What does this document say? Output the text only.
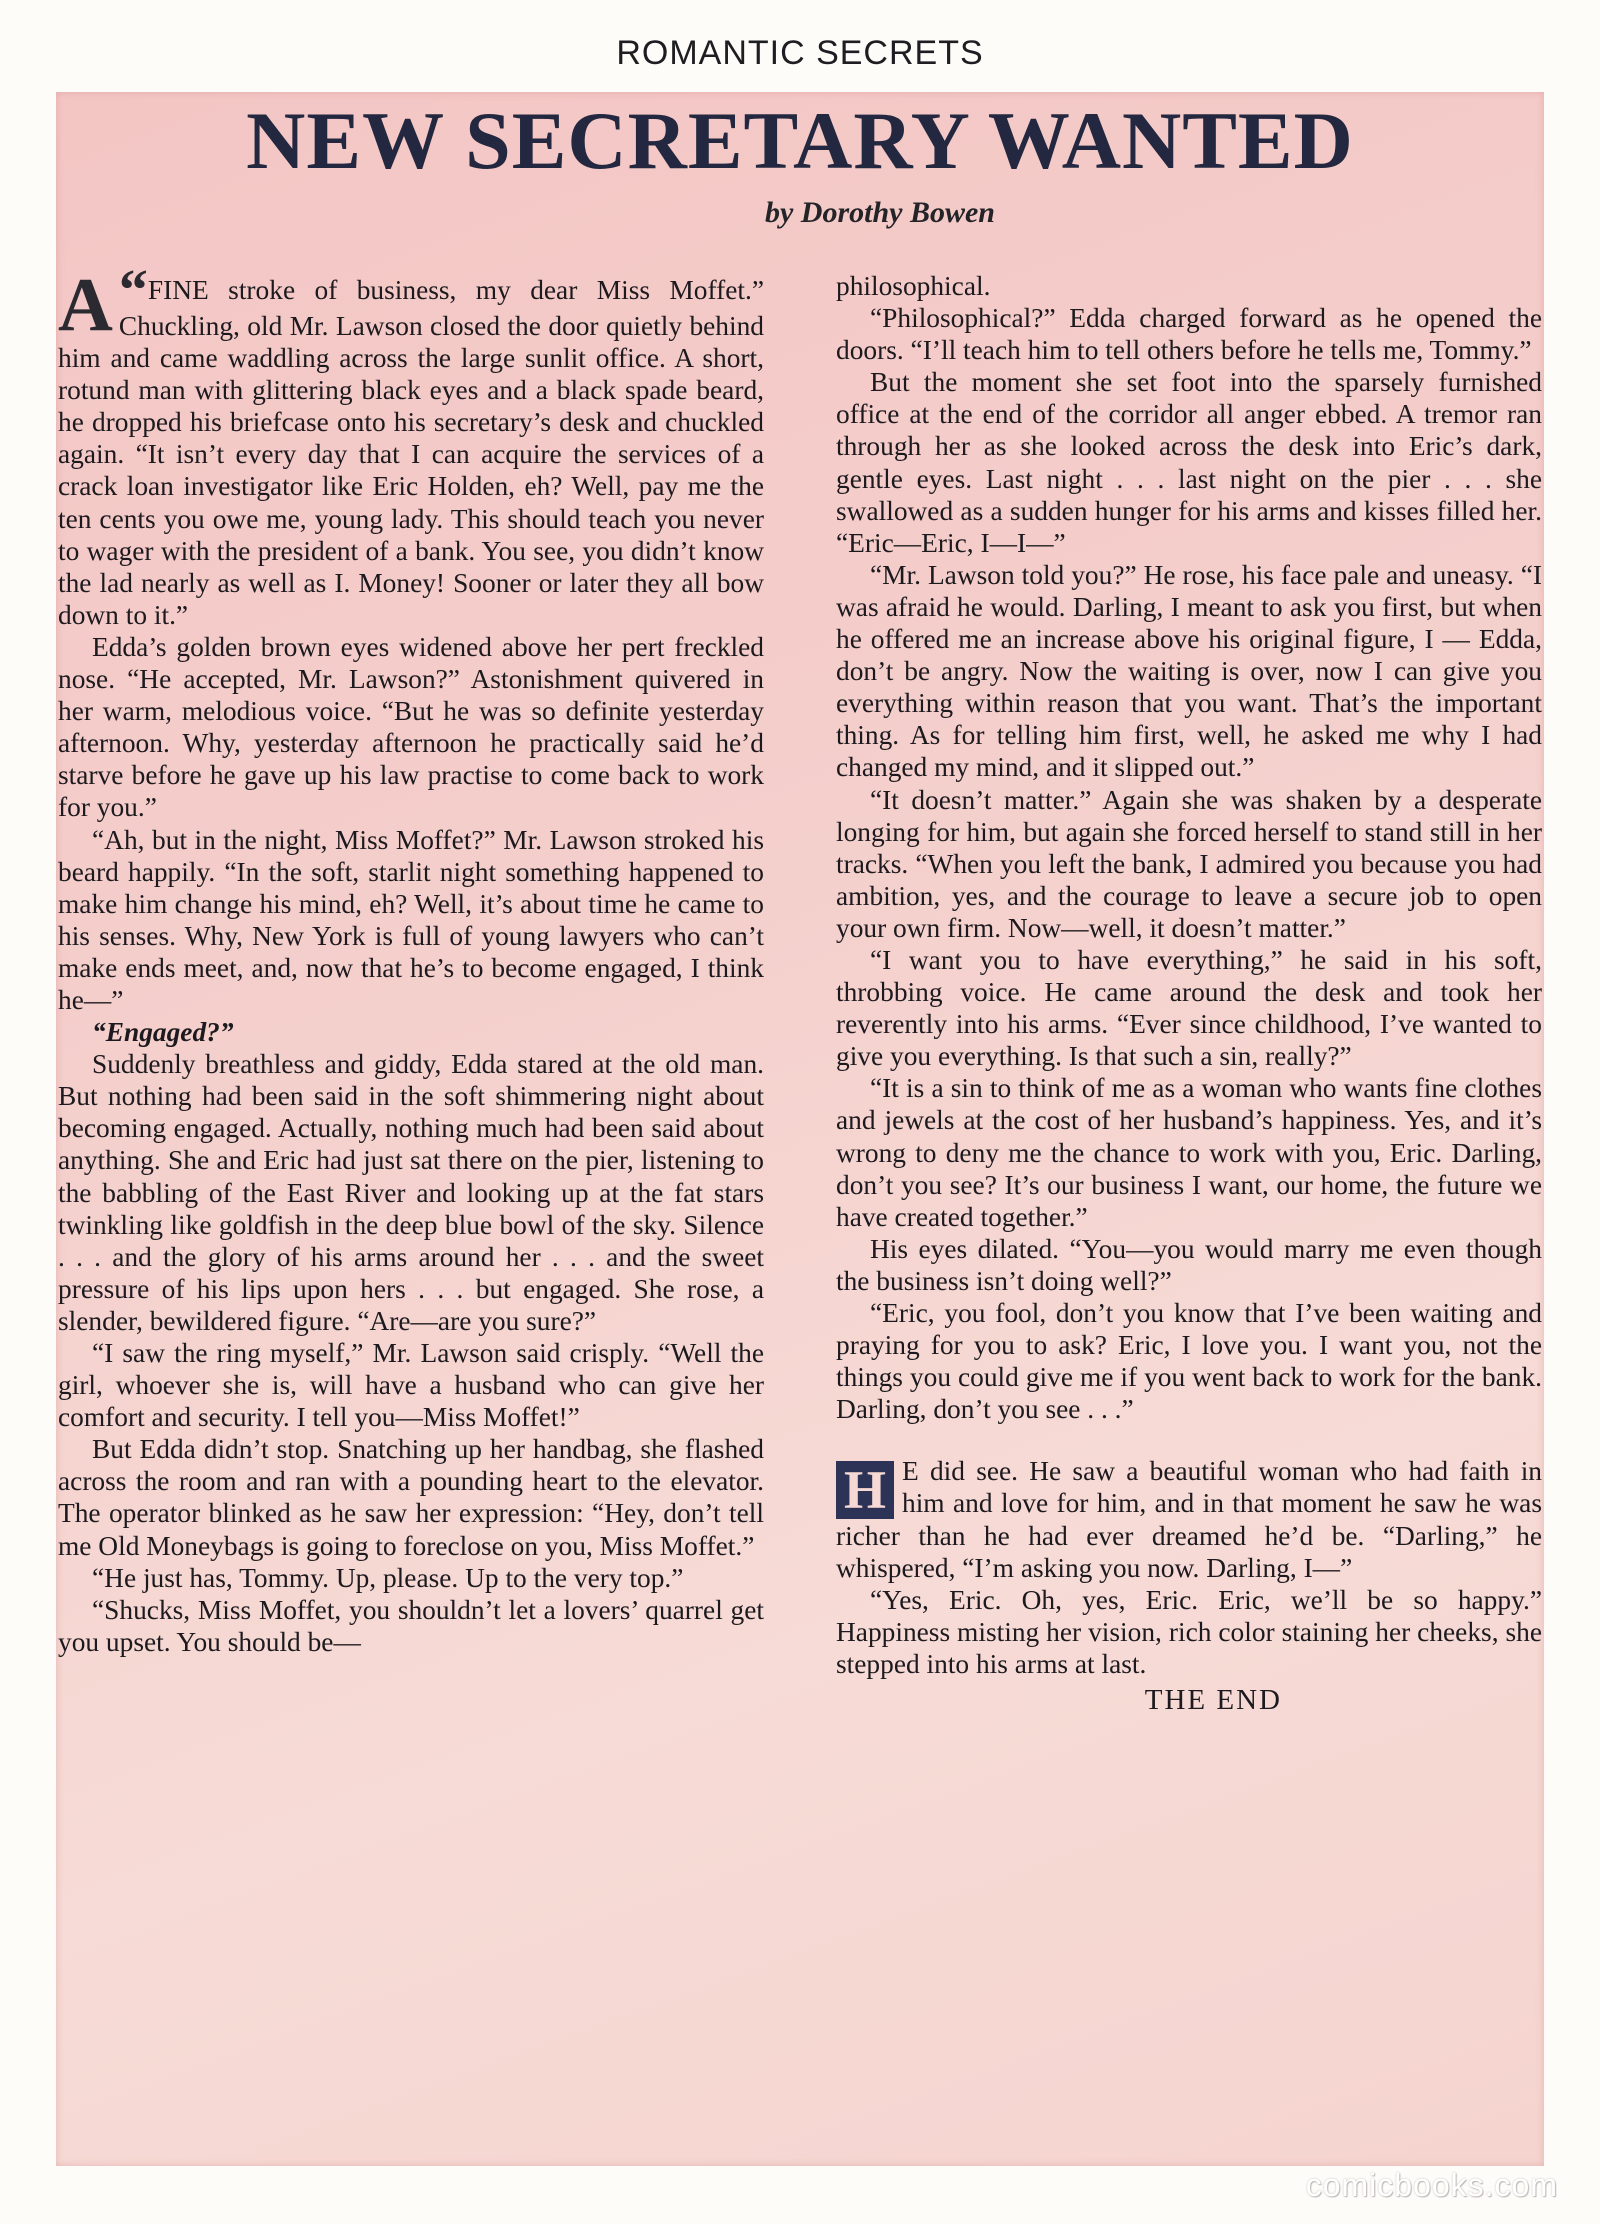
ROMANTIC SECRETS
NEW SECRETARY WANTED
by Dorothy Bowen

“
A FINE stroke of business, my dear Miss Moffet.” Chuckling, old Mr. Lawson closed the door quietly behind him and came waddling across the large sunlit office. A short, rotund man with glittering black eyes and a black spade beard, he dropped his briefcase onto his secretary’s desk and chuckled again. “It isn’t every day that I can acquire the services of a crack loan investigator like Eric Holden, eh? Well, pay me the ten cents you owe me, young lady. This should teach you never to wager with the president of a bank. You see, you didn’t know the lad nearly as well as I. Money! Sooner or later they all bow down to it.”

Edda’s golden brown eyes widened above her pert freckled nose. “He accepted, Mr. Lawson?” Astonishment quivered in her warm, melodious voice. “But he was so definite yesterday afternoon. Why, yesterday afternoon he practically said he’d starve before he gave up his law practise to come back to work for you.”

“Ah, but in the night, Miss Moffet?” Mr. Lawson stroked his beard happily. “In the soft, starlit night something happened to make him change his mind, eh? Well, it’s about time he came to his senses. Why, New York is full of young lawyers who can’t make ends meet, and, now that he’s to become engaged, I think he—”

“Engaged?”

Suddenly breathless and giddy, Edda stared at the old man. But nothing had been said in the soft shimmering night about becoming engaged. Actually, nothing much had been said about anything. She and Eric had just sat there on the pier, listening to the babbling of the East River and looking up at the fat stars twinkling like goldfish in the deep blue bowl of the sky. Silence . . . and the glory of his arms around her . . . and the sweet pressure of his lips upon hers . . . but engaged. She rose, a slender, bewildered figure. “Are—are you sure?”

“I saw the ring myself,” Mr. Lawson said crisply. “Well the girl, whoever she is, will have a husband who can give her comfort and security. I tell you—Miss Moffet!”

But Edda didn’t stop. Snatching up her handbag, she flashed across the room and ran with a pounding heart to the elevator. The operator blinked as he saw her expression: “Hey, don’t tell me Old Moneybags is going to foreclose on you, Miss Moffet.”

“He just has, Tommy. Up, please. Up to the very top.”

“Shucks, Miss Moffet, you shouldn’t let a lovers’ quarrel get you upset. You should be—

philosophical.

“Philosophical?” Edda charged forward as he opened the doors. “I’ll teach him to tell others before he tells me, Tommy.”

But the moment she set foot into the sparsely furnished office at the end of the corridor all anger ebbed. A tremor ran through her as she looked across the desk into Eric’s dark, gentle eyes. Last night . . . last night on the pier . . . she swallowed as a sudden hunger for his arms and kisses filled her. “Eric—Eric, I—I—”

“Mr. Lawson told you?” He rose, his face pale and uneasy. “I was afraid he would. Darling, I meant to ask you first, but when he offered me an increase above his original figure, I — Edda, don’t be angry. Now the waiting is over, now I can give you everything within reason that you want. That’s the important thing. As for telling him first, well, he asked me why I had changed my mind, and it slipped out.”

“It doesn’t matter.” Again she was shaken by a desperate longing for him, but again she forced herself to stand still in her tracks. “When you left the bank, I admired you because you had ambition, yes, and the courage to leave a secure job to open your own firm. Now—well, it doesn’t matter.”

“I want you to have everything,” he said in his soft, throbbing voice. He came around the desk and took her reverently into his arms. “Ever since childhood, I’ve wanted to give you everything. Is that such a sin, really?”

“It is a sin to think of me as a woman who wants fine clothes and jewels at the cost of her husband’s happiness. Yes, and it’s wrong to deny me the chance to work with you, Eric. Darling, don’t you see? It’s our business I want, our home, the future we have created together.”

His eyes dilated. “You—you would marry me even though the business isn’t doing well?”

“Eric, you fool, don’t you know that I’ve been waiting and praying for you to ask? Eric, I love you. I want you, not the things you could give me if you went back to work for the bank. Darling, don’t you see . . .”

H E did see. He saw a beautiful woman who had faith in him and love for him, and in that moment he saw he was richer than he had ever dreamed he’d be. “Darling,” he whispered, “I’m asking you now. Darling, I—”

“Yes, Eric. Oh, yes, Eric. Eric, we’ll be so happy.” Happiness misting her vision, rich color staining her cheeks, she stepped into his arms at last.

THE END
comicbooks.com
